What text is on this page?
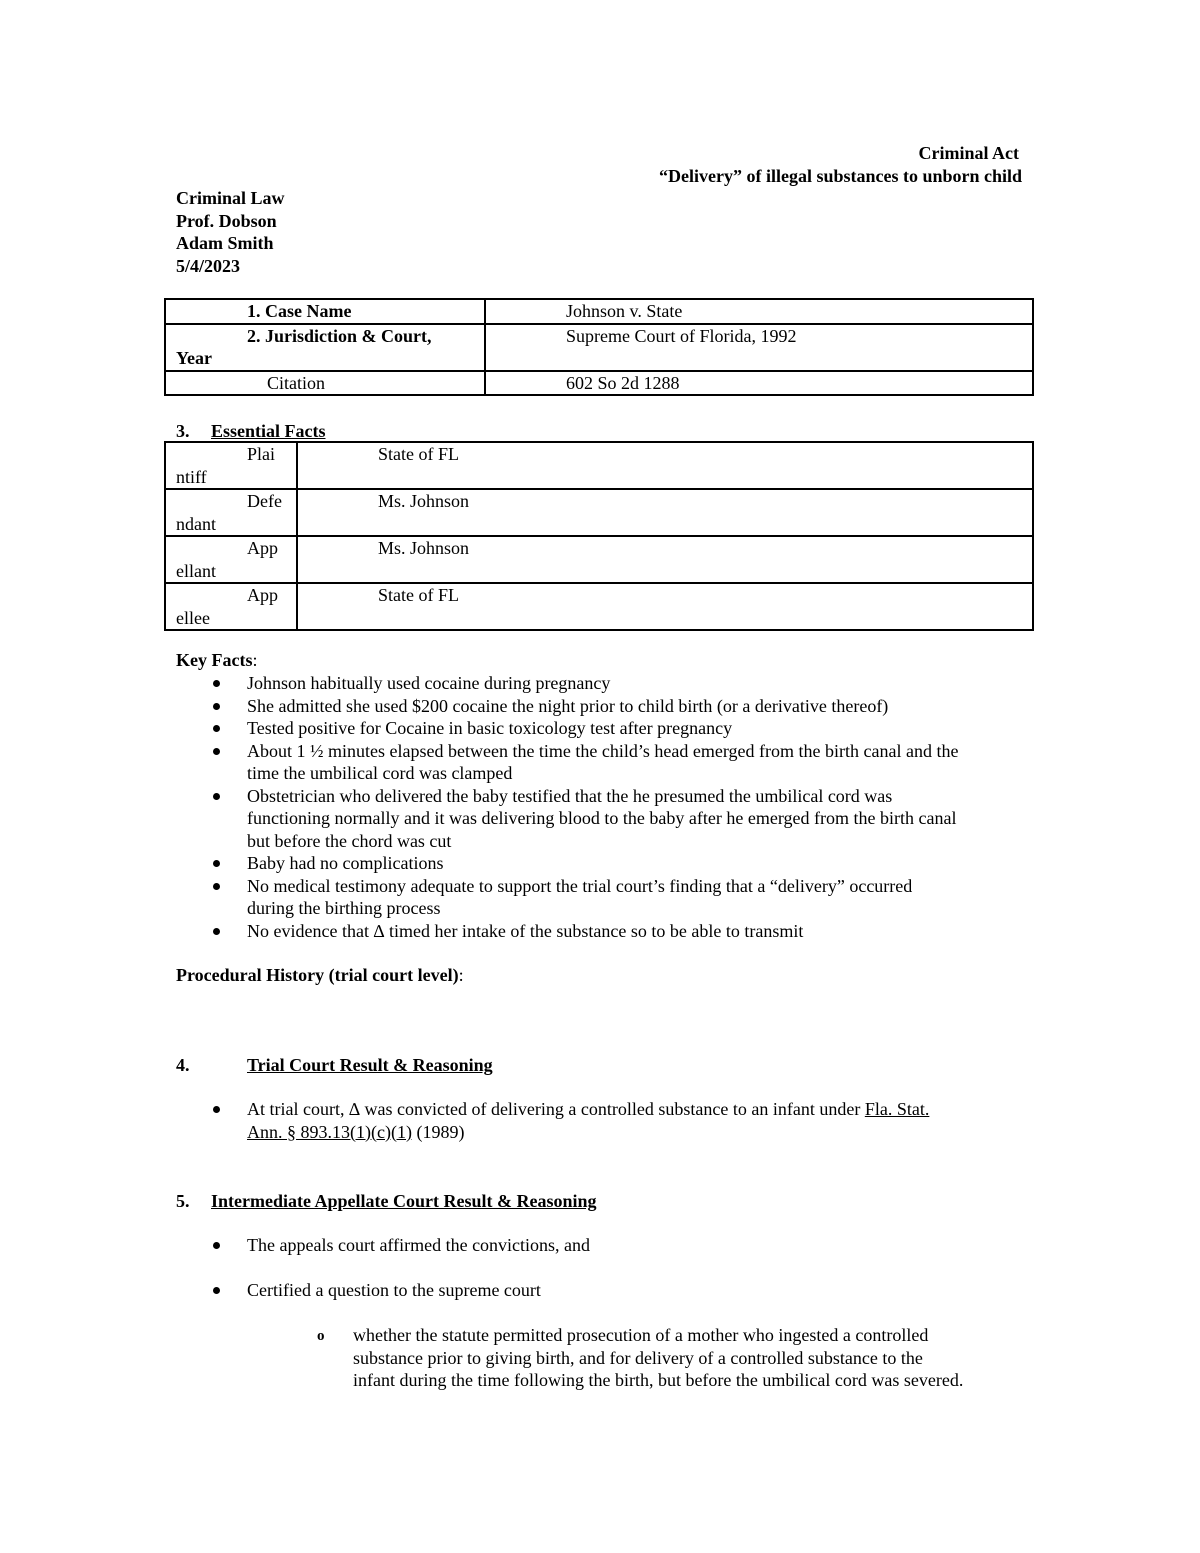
Criminal Act
“Delivery” of illegal substances to unborn child
Criminal Law
Prof. Dobson
Adam Smith
5/4/2023
1. Case Name	Johnson v. State

2. Jurisdiction & Court,
Year	Supreme Court of Florida, 1992

Citation	602 So 2d 1288
3. Essential Facts
Plai
ntiff	State of FL

Defe
ndant	Ms. Johnson

App
ellant	Ms. Johnson

App
ellee	State of FL
Key Facts:
Johnson habitually used cocaine during pregnancy
She admitted she used $200 cocaine the night prior to child birth (or a derivative thereof)
Tested positive for Cocaine in basic toxicology test after pregnancy
About 1 ½ minutes elapsed between the time the child’s head emerged from the birth canal and the
time the umbilical cord was clamped
Obstetrician who delivered the baby testified that the he presumed the umbilical cord was
functioning normally and it was delivering blood to the baby after he emerged from the birth canal
but before the chord was cut
Baby had no complications
No medical testimony adequate to support the trial court’s finding that a “delivery” occurred
during the birthing process
No evidence that ∆ timed her intake of the substance so to be able to transmit
Procedural History (trial court level):
4.	Trial Court Result & Reasoning
At trial court, ∆ was convicted of delivering a controlled substance to an infant under Fla. Stat.
Ann. § 893.13(1)(c)(1) (1989)
5. Intermediate Appellate Court Result & Reasoning
The appeals court affirmed the convictions, and
Certified a question to the supreme court
o whether the statute permitted prosecution of a mother who ingested a controlled
substance prior to giving birth, and for delivery of a controlled substance to the
infant during the time following the birth, but before the umbilical cord was severed.
